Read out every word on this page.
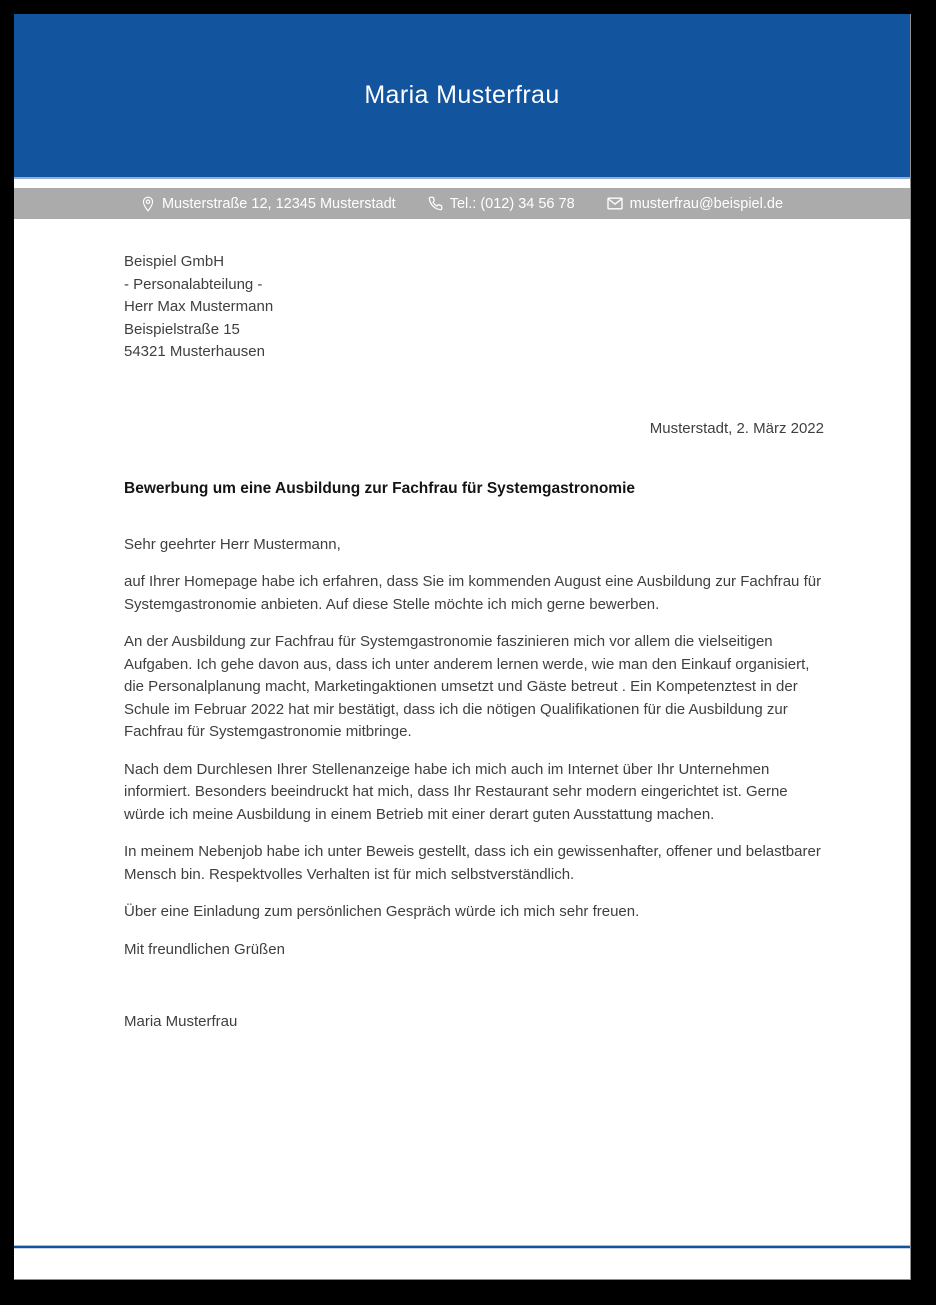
Maria Musterfrau
Musterstraße 12, 12345 Musterstadt	Tel.: (012) 34 56 78	musterfrau@beispiel.de
Beispiel GmbH
- Personalabteilung -
Herr Max Mustermann
Beispielstraße 15
54321 Musterhausen
Musterstadt, 2. März 2022
Bewerbung um eine Ausbildung zur Fachfrau für Systemgastronomie
Sehr geehrter Herr Mustermann,

auf Ihrer Homepage habe ich erfahren, dass Sie im kommenden August eine Ausbildung zur Fachfrau für Systemgastronomie anbieten. Auf diese Stelle möchte ich mich gerne bewerben.

An der Ausbildung zur Fachfrau für Systemgastronomie faszinieren mich vor allem die vielseitigen Aufgaben. Ich gehe davon aus, dass ich unter anderem lernen werde, wie man den Einkauf organisiert, die Personalplanung macht, Marketingaktionen umsetzt und Gäste betreut . Ein Kompetenztest in der Schule im Februar 2022 hat mir bestätigt, dass ich die nötigen Qualifikationen für die Ausbildung zur Fachfrau für Systemgastronomie mitbringe.

Nach dem Durchlesen Ihrer Stellenanzeige habe ich mich auch im Internet über Ihr Unternehmen informiert. Besonders beeindruckt hat mich, dass Ihr Restaurant sehr modern eingerichtet ist. Gerne würde ich meine Ausbildung in einem Betrieb mit einer derart guten Ausstattung machen.

In meinem Nebenjob habe ich unter Beweis gestellt, dass ich ein gewissenhafter, offener und belastbarer Mensch bin. Respektvolles Verhalten ist für mich selbstverständlich.

Über eine Einladung zum persönlichen Gespräch würde ich mich sehr freuen.

Mit freundlichen Grüßen
Maria Musterfrau
